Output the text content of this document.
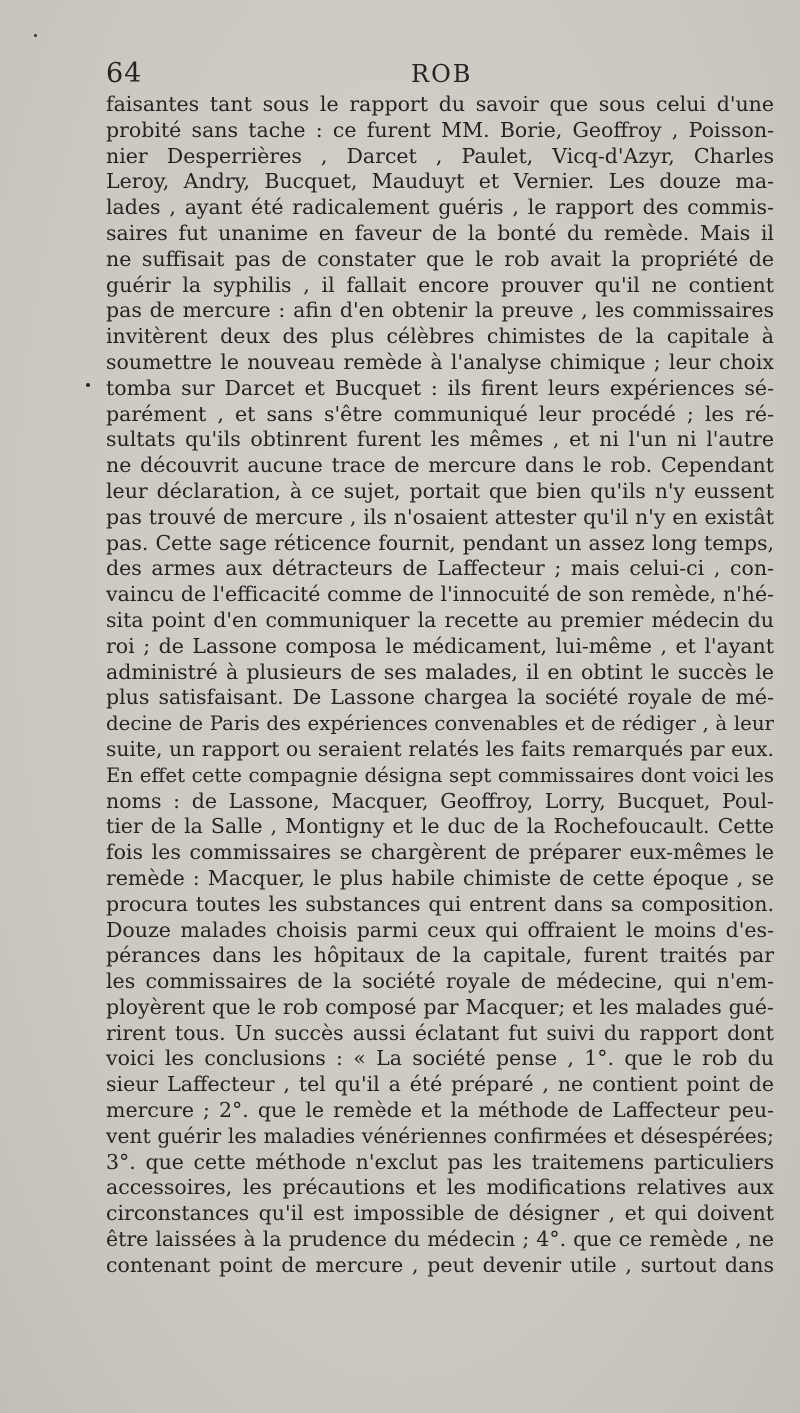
64	ROB
faisantes tant sous le rapport du savoir que sous celui d'une
probité sans tache : ce furent MM. Borie, Geoffroy , Poisson-
nier Desperrières , Darcet , Paulet, Vicq-d'Azyr, Charles
Leroy, Andry, Bucquet, Mauduyt et Vernier. Les douze ma-
lades , ayant été radicalement guéris , le rapport des commis-
saires fut unanime en faveur de la bonté du remède. Mais il
ne suffisait pas de constater que le rob avait la propriété de
guérir la syphilis , il fallait encore prouver qu'il ne contient
pas de mercure : afin d'en obtenir la preuve , les commissaires
invitèrent deux des plus célèbres chimistes de la capitale à
soumettre le nouveau remède à l'analyse chimique ; leur choix
tomba sur Darcet et Bucquet : ils firent leurs expériences sé-
parément , et sans s'être communiqué leur procédé ; les ré-
sultats qu'ils obtinrent furent les mêmes , et ni l'un ni l'autre
ne découvrit aucune trace de mercure dans le rob. Cependant
leur déclaration, à ce sujet, portait que bien qu'ils n'y eussent
pas trouvé de mercure , ils n'osaient attester qu'il n'y en existât
pas. Cette sage réticence fournit, pendant un assez long temps,
des armes aux détracteurs de Laffecteur ; mais celui-ci , con-
vaincu de l'efficacité comme de l'innocuité de son remède, n'hé-
sita point d'en communiquer la recette au premier médecin du
roi ; de Lassone composa le médicament, lui-même , et l'ayant
administré à plusieurs de ses malades, il en obtint le succès le
plus satisfaisant. De Lassone chargea la société royale de mé-
decine de Paris des expériences convenables et de rédiger , à leur
suite, un rapport ou seraient relatés les faits remarqués par eux.
En effet cette compagnie désigna sept commissaires dont voici les
noms : de Lassone, Macquer, Geoffroy, Lorry, Bucquet, Poul-
tier de la Salle , Montigny et le duc de la Rochefoucault. Cette
fois les commissaires se chargèrent de préparer eux-mêmes le
remède : Macquer, le plus habile chimiste de cette époque , se
procura toutes les substances qui entrent dans sa composition.
Douze malades choisis parmi ceux qui offraient le moins d'es-
pérances dans les hôpitaux de la capitale, furent traités par
les commissaires de la société royale de médecine, qui n'em-
ployèrent que le rob composé par Macquer; et les malades gué-
rirent tous. Un succès aussi éclatant fut suivi du rapport dont
voici les conclusions : « La société pense , 1°. que le rob du
sieur Laffecteur , tel qu'il a été préparé , ne contient point de
mercure ; 2°. que le remède et la méthode de Laffecteur peu-
vent guérir les maladies vénériennes confirmées et désespérées;
3°. que cette méthode n'exclut pas les traitemens particuliers
accessoires, les précautions et les modifications relatives aux
circonstances qu'il est impossible de désigner , et qui doivent
être laissées à la prudence du médecin ; 4°. que ce remède , ne
contenant point de mercure , peut devenir utile , surtout dans
